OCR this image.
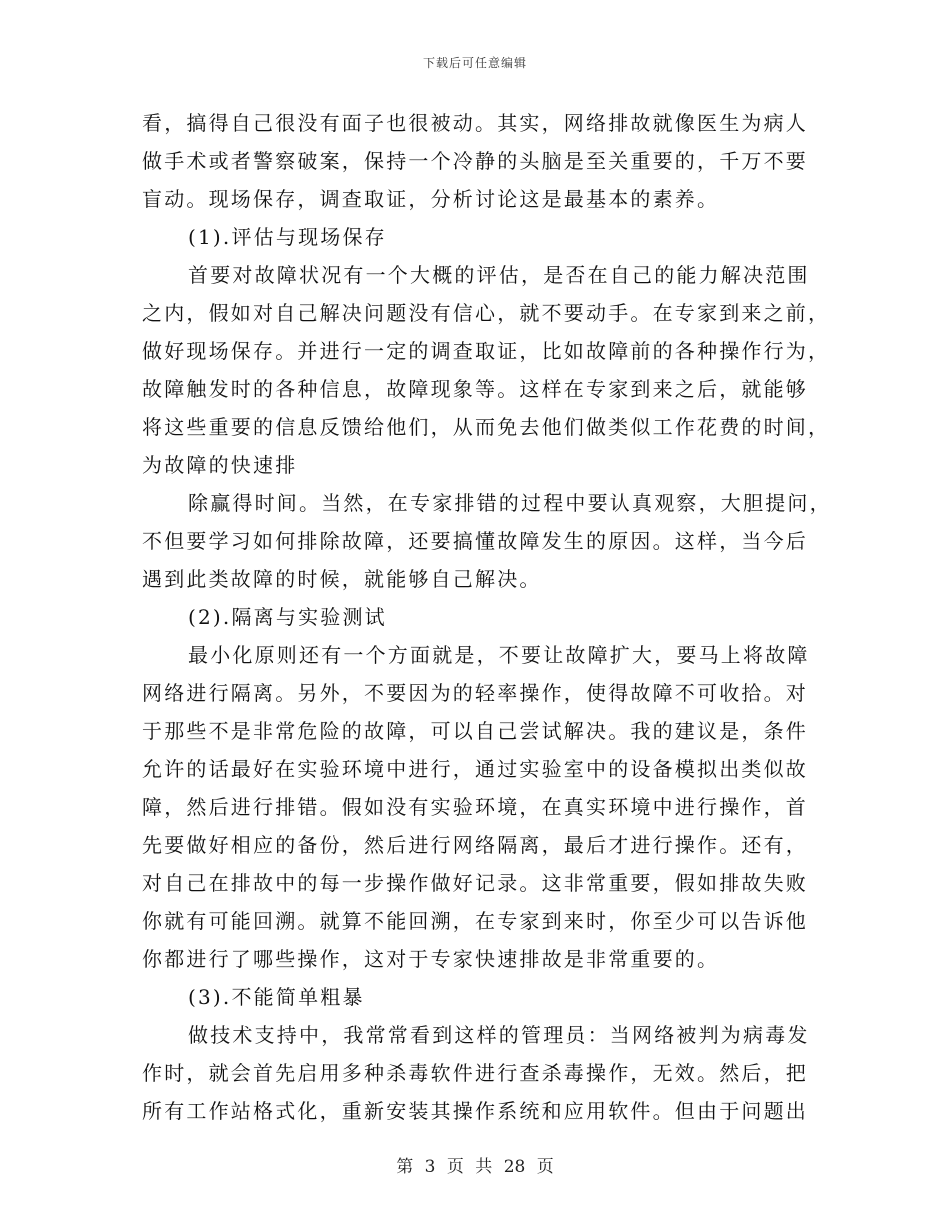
下载后可任意编辑
看，搞得自己很没有面子也很被动。其实，网络排故就像医生为病人
做手术或者警察破案，保持一个冷静的头脑是至关重要的，千万不要
盲动。现场保存，调查取证，分析讨论这是最基本的素养。
(1).评估与现场保存
首要对故障状况有一个大概的评估，是否在自己的能力解决范围
之内，假如对自己解决问题没有信心，就不要动手。在专家到来之前，
做好现场保存。并进行一定的调查取证，比如故障前的各种操作行为，
故障触发时的各种信息，故障现象等。这样在专家到来之后，就能够
将这些重要的信息反馈给他们，从而免去他们做类似工作花费的时间，
为故障的快速排
除赢得时间。当然，在专家排错的过程中要认真观察，大胆提问，
不但要学习如何排除故障，还要搞懂故障发生的原因。这样，当今后
遇到此类故障的时候，就能够自己解决。
(2).隔离与实验测试
最小化原则还有一个方面就是，不要让故障扩大，要马上将故障
网络进行隔离。另外，不要因为的轻率操作，使得故障不可收拾。对
于那些不是非常危险的故障，可以自己尝试解决。我的建议是，条件
允许的话最好在实验环境中进行，通过实验室中的设备模拟出类似故
障，然后进行排错。假如没有实验环境，在真实环境中进行操作，首
先要做好相应的备份，然后进行网络隔离，最后才进行操作。还有，
对自己在排故中的每一步操作做好记录。这非常重要，假如排故失败
你就有可能回溯。就算不能回溯，在专家到来时，你至少可以告诉他
你都进行了哪些操作，这对于专家快速排故是非常重要的。
(3).不能简单粗暴
做技术支持中，我常常看到这样的管理员：当网络被判为病毒发
作时，就会首先启用多种杀毒软件进行查杀毒操作，无效。然后，把
所有工作站格式化，重新安装其操作系统和应用软件。但由于问题出
第 3 页 共 28 页
